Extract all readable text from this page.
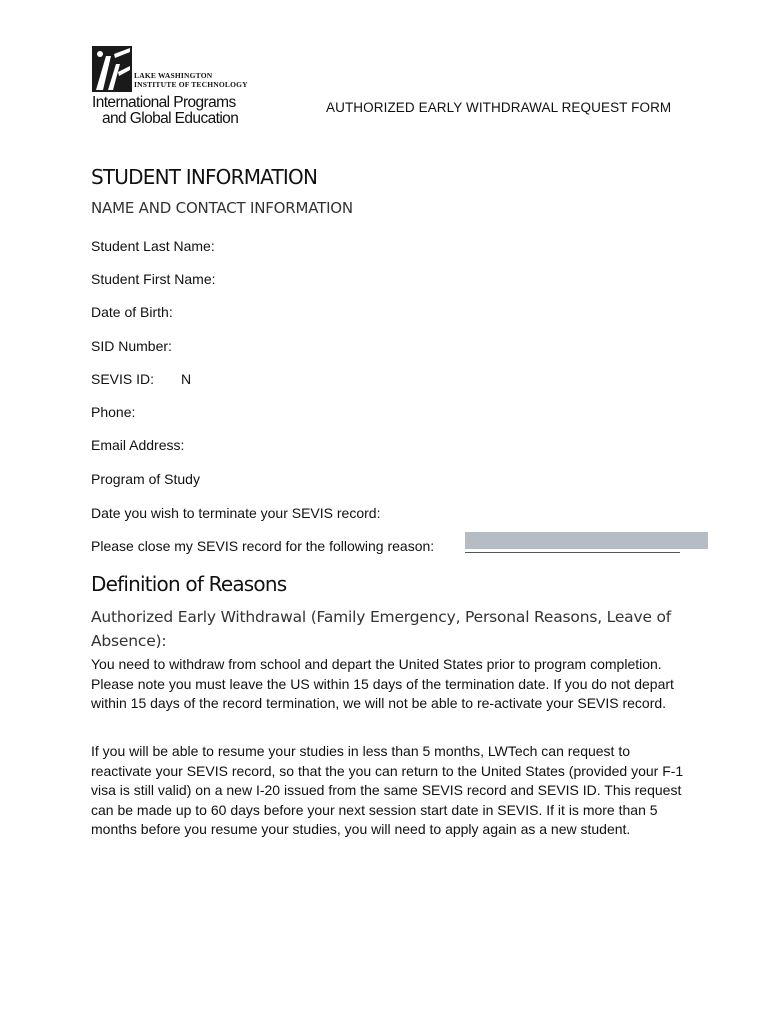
LAKE WASHINGTON
INSTITUTE OF TECHNOLOGY
International Programs
and Global Education
AUTHORIZED EARLY WITHDRAWAL REQUEST FORM
STUDENT INFORMATION
NAME AND CONTACT INFORMATION
Student Last Name:
Student First Name:
Date of Birth:
SID Number:
SEVIS ID: N
Phone:
Email Address:
Program of Study
Date you wish to terminate your SEVIS record:
Please close my SEVIS record for the following reason:
Definition of Reasons
Authorized Early Withdrawal (Family Emergency, Personal Reasons, Leave of Absence):
You need to withdraw from school and depart the United States prior to program completion. Please note you must leave the US within 15 days of the termination date. If you do not depart within 15 days of the record termination, we will not be able to re-activate your SEVIS record.
If you will be able to resume your studies in less than 5 months, LWTech can request to reactivate your SEVIS record, so that the you can return to the United States (provided your F-1 visa is still valid) on a new I-20 issued from the same SEVIS record and SEVIS ID. This request can be made up to 60 days before your next session start date in SEVIS. If it is more than 5 months before you resume your studies, you will need to apply again as a new student.
